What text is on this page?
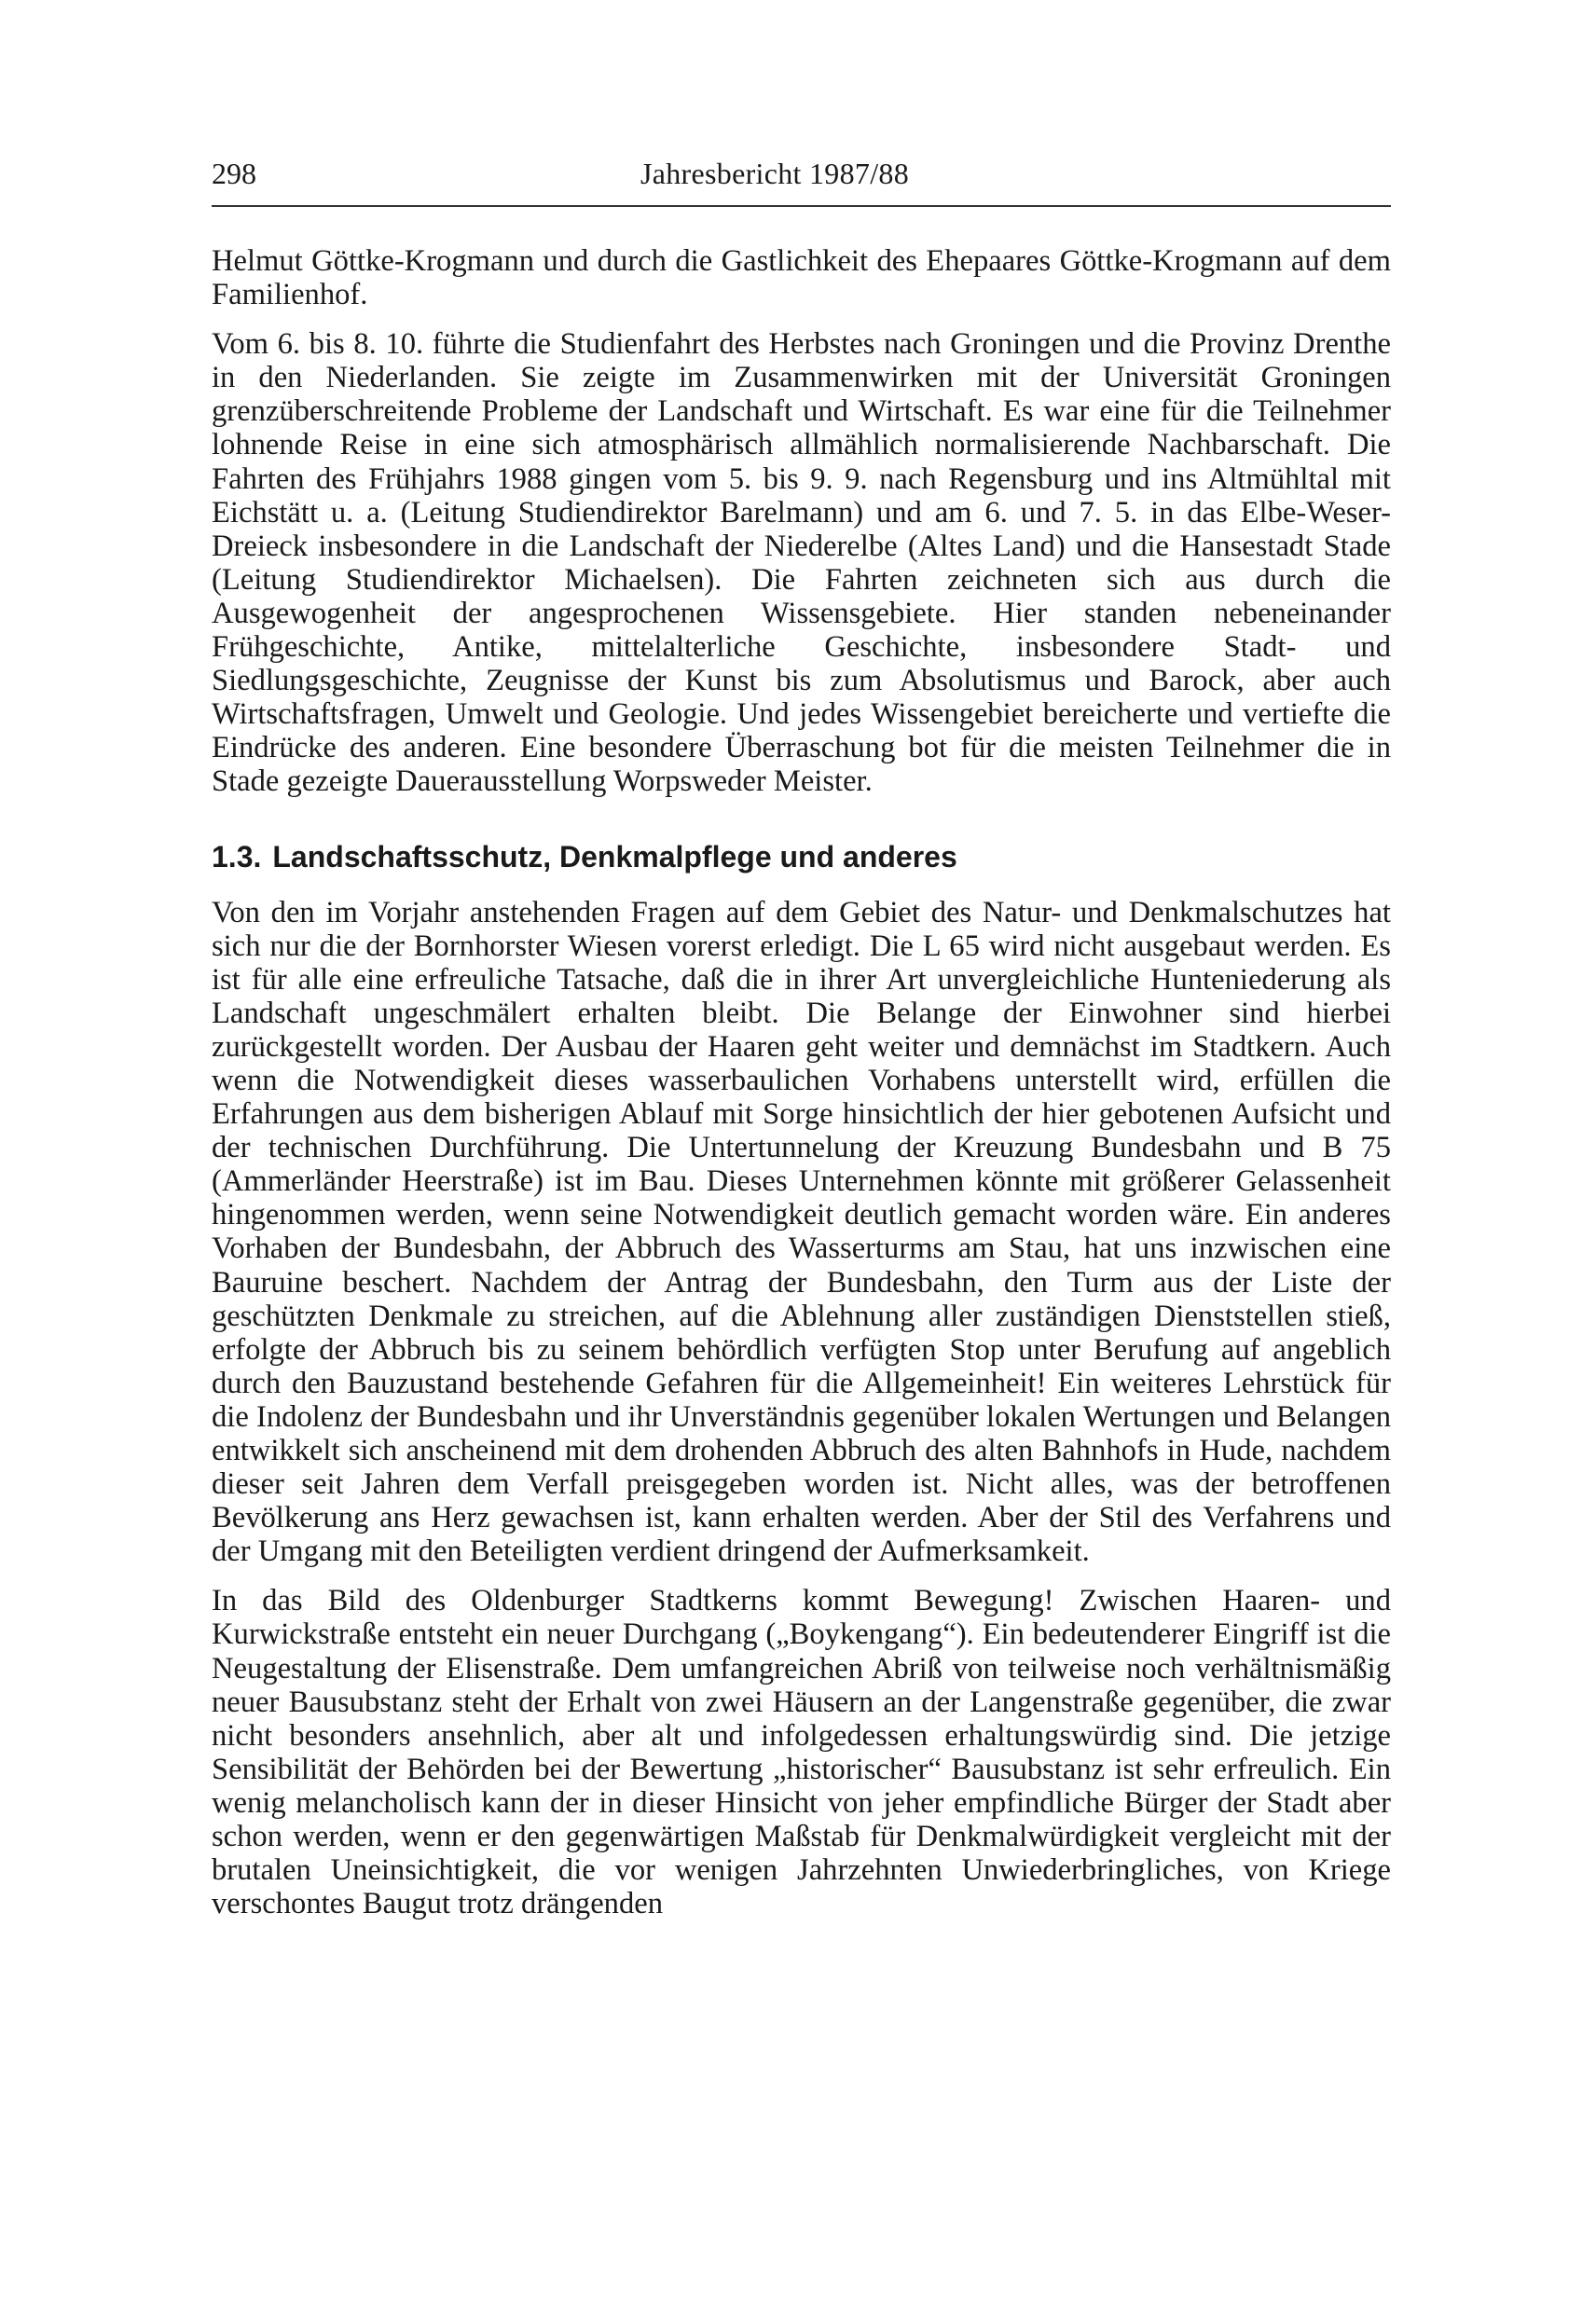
298	Jahresbericht 1987/88

Helmut Göttke-Krogmann und durch die Gastlichkeit des Ehepaares Göttke-Krogmann auf dem Familienhof.

Vom 6. bis 8. 10. führte die Studienfahrt des Herbstes nach Groningen und die Provinz Drenthe in den Niederlanden. Sie zeigte im Zusammenwirken mit der Universität Groningen grenzüberschreitende Probleme der Landschaft und Wirtschaft. Es war eine für die Teilnehmer lohnende Reise in eine sich atmosphärisch allmählich normalisierende Nachbarschaft. Die Fahrten des Frühjahrs 1988 gingen vom 5. bis 9. 9. nach Regensburg und ins Altmühltal mit Eichstätt u. a. (Leitung Studiendirektor Barelmann) und am 6. und 7. 5. in das Elbe-Weser-Dreieck insbesondere in die Landschaft der Niederelbe (Altes Land) und die Hansestadt Stade (Leitung Studiendirektor Michaelsen). Die Fahrten zeichneten sich aus durch die Ausgewogenheit der angesprochenen Wissensgebiete. Hier standen nebeneinander Frühgeschichte, Antike, mittelalterliche Geschichte, insbesondere Stadt- und Siedlungsgeschichte, Zeugnisse der Kunst bis zum Absolutismus und Barock, aber auch Wirtschaftsfragen, Umwelt und Geologie. Und jedes Wissengebiet bereicherte und vertiefte die Eindrücke des anderen. Eine besondere Überraschung bot für die meisten Teilnehmer die in Stade gezeigte Dauerausstellung Worpsweder Meister.

1.3. Landschaftsschutz, Denkmalpflege und anderes

Von den im Vorjahr anstehenden Fragen auf dem Gebiet des Natur- und Denkmalschutzes hat sich nur die der Bornhorster Wiesen vorerst erledigt. Die L 65 wird nicht ausgebaut werden. Es ist für alle eine erfreuliche Tatsache, daß die in ihrer Art unvergleichliche Hunteniederung als Landschaft ungeschmälert erhalten bleibt. Die Belange der Einwohner sind hierbei zurückgestellt worden. Der Ausbau der Haaren geht weiter und demnächst im Stadtkern. Auch wenn die Notwendigkeit dieses wasserbaulichen Vorhabens unterstellt wird, erfüllen die Erfahrungen aus dem bisherigen Ablauf mit Sorge hinsichtlich der hier gebotenen Aufsicht und der technischen Durchführung. Die Untertunnelung der Kreuzung Bundesbahn und B 75 (Ammerländer Heerstraße) ist im Bau. Dieses Unternehmen könnte mit größerer Gelassenheit hingenommen werden, wenn seine Notwendigkeit deutlich gemacht worden wäre. Ein anderes Vorhaben der Bundesbahn, der Abbruch des Wasserturms am Stau, hat uns inzwischen eine Bauruine beschert. Nachdem der Antrag der Bundesbahn, den Turm aus der Liste der geschützten Denkmale zu streichen, auf die Ablehnung aller zuständigen Dienststellen stieß, erfolgte der Abbruch bis zu seinem behördlich verfügten Stop unter Berufung auf angeblich durch den Bauzustand bestehende Gefahren für die Allgemeinheit! Ein weiteres Lehrstück für die Indolenz der Bundesbahn und ihr Unverständnis gegenüber lokalen Wertungen und Belangen entwikkelt sich anscheinend mit dem drohenden Abbruch des alten Bahnhofs in Hude, nachdem dieser seit Jahren dem Verfall preisgegeben worden ist. Nicht alles, was der betroffenen Bevölkerung ans Herz gewachsen ist, kann erhalten werden. Aber der Stil des Verfahrens und der Umgang mit den Beteiligten verdient dringend der Aufmerksamkeit.

In das Bild des Oldenburger Stadtkerns kommt Bewegung! Zwischen Haaren- und Kurwickstraße entsteht ein neuer Durchgang („Boykengang“). Ein bedeutenderer Eingriff ist die Neugestaltung der Elisenstraße. Dem umfangreichen Abriß von teilweise noch verhältnismäßig neuer Bausubstanz steht der Erhalt von zwei Häusern an der Langenstraße gegenüber, die zwar nicht besonders ansehnlich, aber alt und infolgedessen erhaltungswürdig sind. Die jetzige Sensibilität der Behörden bei der Bewertung „historischer“ Bausubstanz ist sehr erfreulich. Ein wenig melancholisch kann der in dieser Hinsicht von jeher empfindliche Bürger der Stadt aber schon werden, wenn er den gegenwärtigen Maßstab für Denkmalwürdigkeit vergleicht mit der brutalen Uneinsichtigkeit, die vor wenigen Jahrzehnten Unwiederbringliches, von Kriege verschontes Baugut trotz drängenden
